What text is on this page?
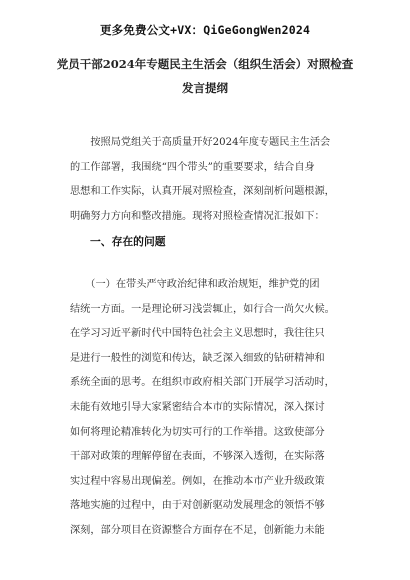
更多免费公文+VX：QiGeGongWen2024
党员干部2024年专题民主生活会（组织生活会）对照检查
发言提纲
　　按照局党组关于高质量开好2024年度专题民主生活会
的工作部署，我围绕“四个带头”的重要要求，结合自身
思想和工作实际，认真开展对照检查，深刻剖析问题根源，
明确努力方向和整改措施。现将对照检查情况汇报如下：
一、存在的问题
　　（一）在带头严守政治纪律和政治规矩，维护党的团
结统一方面。一是理论研习浅尝辄止，如行合一尚欠火候。
在学习习近平新时代中国特色社会主义思想时，我往往只
是进行一般性的浏览和传达，缺乏深入细致的钻研精神和
系统全面的思考。在组织市政府相关部门开展学习活动时，
未能有效地引导大家紧密结合本市的实际情况，深入探讨
如何将理论精准转化为切实可行的工作举措。这致使部分
干部对政策的理解停留在表面，不够深入透彻，在实际落
实过程中容易出现偏差。例如，在推动本市产业升级政策
落地实施的过程中，由于对创新驱动发展理念的领悟不够
深刻，部分项目在资源整合方面存在不足，创新能力未能
